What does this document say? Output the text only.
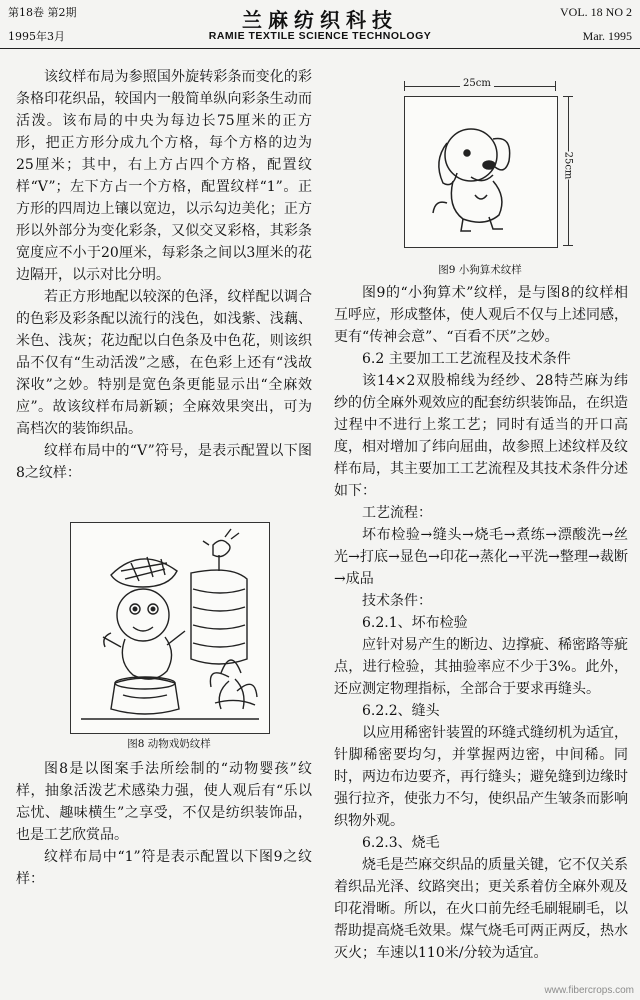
第18卷 第2期
1995年3月
兰麻纺织科技
RAMIE TEXTILE SCIENCE TECHNOLOGY
VOL. 18 NO 2
Mar. 1995

该纹样布局为参照国外旋转彩条而变化的彩条格印花织品，较国内一般简单纵向彩条生动而活泼。该布局的中央为每边长75厘米的正方形，把正方形分成九个方格，每个方格的边为25厘米；其中，右上方占四个方格，配置纹样“V”；左下方占一个方格，配置纹样“1”。正方形的四周边上镶以宽边，以示勾边美化；正方形以外部分为变化彩条，又似交叉彩格，其彩条宽度应不小于20厘米，每彩条之间以3厘米的花边隔开，以示对比分明。

若正方形地配以较深的色泽，纹样配以调合的色彩及彩条配以流行的浅色，如浅紫、浅藕、米色、浅灰；花边配以白色条及中色花，则该织品不仅有“生动活泼”之感，在色彩上还有“浅故深收”之妙。特别是宽色条更能显示出“全麻效应”。故该纹样布局新颖；全麻效果突出，可为高档次的装饰织品。

纹样布局中的“V”符号，是表示配置以下图8之纹样：

图8 动物戏奶纹样

图8是以图案手法所绘制的“动物婴孩”纹样，抽象活泼艺术感染力强，使人观后有“乐以忘忧、趣味横生”之享受，不仅是纺织装饰品，也是工艺欣赏品。

纹样布局中“1”符是表示配置以下图9之纹样：

25cm
25cm

图9 小狗算术纹样

图9的“小狗算术”纹样，是与图8的纹样相互呼应，形成整体，使人观后不仅与上述同感，更有“传神会意”、“百看不厌”之妙。

6.2 主要加工工艺流程及技术条件

该14×2双股棉线为经纱、28特苎麻为纬纱的仿全麻外观效应的配套纺织装饰品，在织造过程中不进行上浆工艺；同时有适当的开口高度，相对增加了纬向屈曲，故参照上述纹样及纹样布局，其主要加工工艺流程及其技术条件分述如下：

工艺流程：

坏布检验→缝头→烧毛→煮练→漂酸洗→丝光→打底→显色→印花→蒸化→平洗→整理→裁断→成品

技术条件：

6.2.1、坏布检验

应针对易产生的断边、边撑疵、稀密路等疵点，进行检验，其抽验率应不少于3%。此外，还应测定物理指标，全部合于要求再缝头。

6.2.2、缝头

以应用稀密针装置的环缝式缝纫机为适宜，针脚稀密要均匀，并掌握两边密，中间稀。同时，两边布边要齐，再行缝头；避免缝到边缘时强行拉齐，使张力不匀，使织品产生皱条而影响织物外观。

6.2.3、烧毛

烧毛是苎麻交织品的质量关键，它不仅关系着织品光泽、纹路突出；更关系着仿全麻外观及印花滑晰。所以，在火口前先经毛刷辊刷毛，以帮助提高烧毛效果。煤气烧毛可两正两反，热水灭火；车速以110米/分较为适宜。

www.fibercrops.com
